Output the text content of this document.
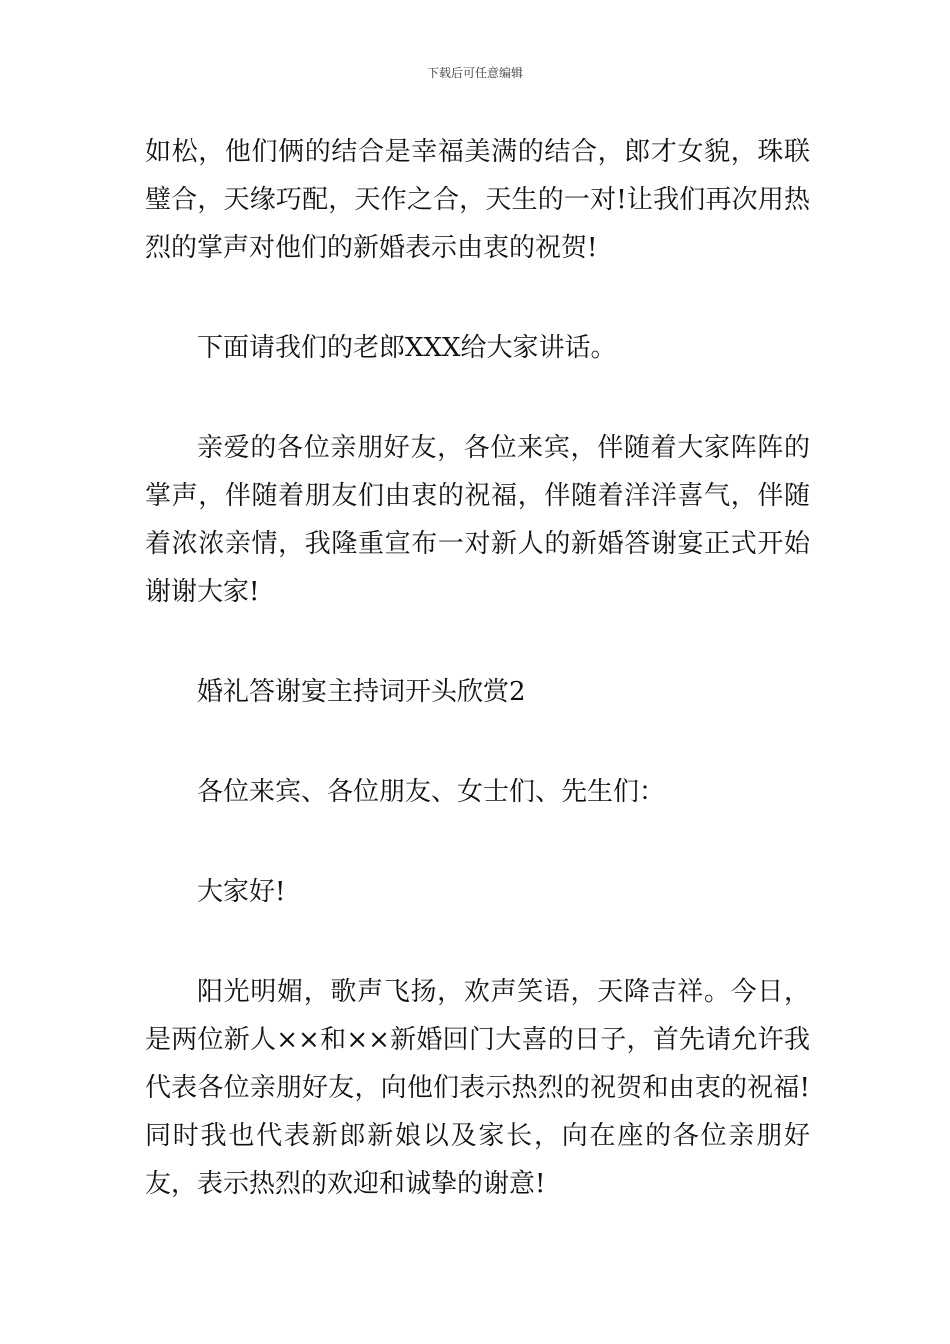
下载后可任意编辑

如松，他们俩的结合是幸福美满的结合，郎才女貌，珠联璧合，天缘巧配，天作之合，天生的一对!让我们再次用热烈的掌声对他们的新婚表示由衷的祝贺!

下面请我们的老郎XXX给大家讲话。

亲爱的各位亲朋好友，各位来宾，伴随着大家阵阵的掌声，伴随着朋友们由衷的祝福，伴随着洋洋喜气，伴随着浓浓亲情，我隆重宣布一对新人的新婚答谢宴正式开始谢谢大家!

婚礼答谢宴主持词开头欣赏2

各位来宾、各位朋友、女士们、先生们：

大家好!

阳光明媚，歌声飞扬，欢声笑语，天降吉祥。今日，是两位新人××和××新婚回门大喜的日子，首先请允许我代表各位亲朋好友，向他们表示热烈的祝贺和由衷的祝福!同时我也代表新郎新娘以及家长，向在座的各位亲朋好友，表示热烈的欢迎和诚挚的谢意!
